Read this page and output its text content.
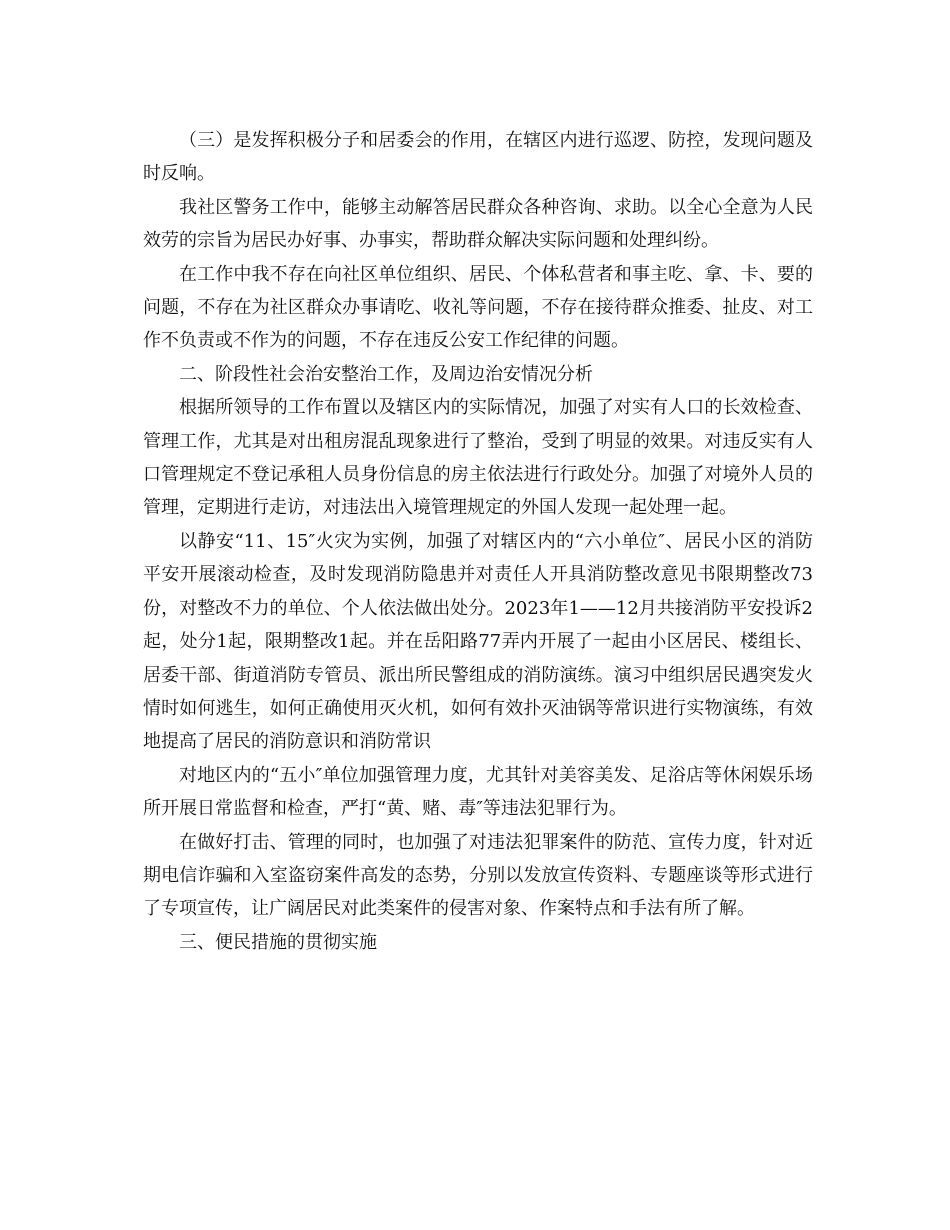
（三）是发挥积极分子和居委会的作用，在辖区内进行巡逻、防控，发现问题及时反响。

我社区警务工作中，能够主动解答居民群众各种咨询、求助。以全心全意为人民效劳的宗旨为居民办好事、办事实，帮助群众解决实际问题和处理纠纷。

在工作中我不存在向社区单位组织、居民、个体私营者和事主吃、拿、卡、要的问题，不存在为社区群众办事请吃、收礼等问题，不存在接待群众推委、扯皮、对工作不负责或不作为的问题，不存在违反公安工作纪律的问题。

二、阶段性社会治安整治工作，及周边治安情况分析

根据所领导的工作布置以及辖区内的实际情况，加强了对实有人口的长效检查、管理工作，尤其是对出租房混乱现象进行了整治，受到了明显的效果。对违反实有人口管理规定不登记承租人员身份信息的房主依法进行行政处分。加强了对境外人员的管理，定期进行走访，对违法出入境管理规定的外国人发现一起处理一起。

以静安“11、15″火灾为实例，加强了对辖区内的“六小单位″、居民小区的消防平安开展滚动检查，及时发现消防隐患并对责任人开具消防整改意见书限期整改73份，对整改不力的单位、个人依法做出处分。2023年1——12月共接消防平安投诉2起，处分1起，限期整改1起。并在岳阳路77弄内开展了一起由小区居民、楼组长、居委干部、街道消防专管员、派出所民警组成的消防演练。演习中组织居民遇突发火情时如何逃生，如何正确使用灭火机，如何有效扑灭油锅等常识进行实物演练，有效地提高了居民的消防意识和消防常识

对地区内的“五小″单位加强管理力度，尤其针对美容美发、足浴店等休闲娱乐场所开展日常监督和检查，严打“黄、赌、毒″等违法犯罪行为。

在做好打击、管理的同时，也加强了对违法犯罪案件的防范、宣传力度，针对近期电信诈骗和入室盗窃案件高发的态势，分别以发放宣传资料、专题座谈等形式进行了专项宣传，让广阔居民对此类案件的侵害对象、作案特点和手法有所了解。

三、便民措施的贯彻实施
